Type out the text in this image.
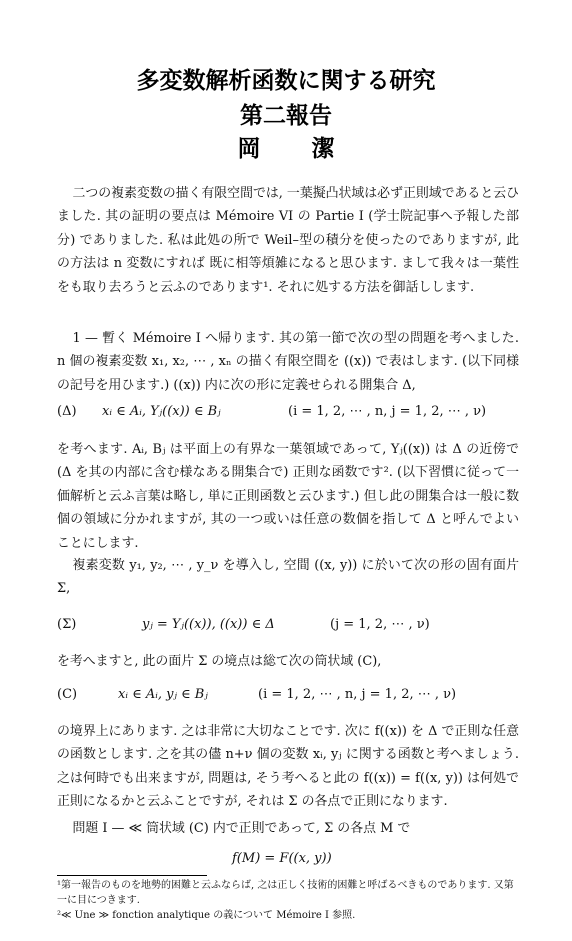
多変数解析函数に関する研究
第二報告
岡　潔
二つの複素変数の描く有限空間では, 一葉擬凸状域は必ず正則域であると云ひました. 其の証明の要点は Mémoire VI の Partie I (学士院記事へ予報した部分) でありました. 私は此処の所で Weil–型の積分を使ったのでありますが, 此の方法は n 変数にすれば 既に相等煩雑になると思ひます. まして我々は一葉性をも取り去ろうと云ふのであります¹. それに処する方法を御話しします.
1 — 暫く Mémoire I へ帰ります. 其の第一節で次の型の問題を考へました. n 個の複素変数 x₁, x₂, ⋯ , xₙ の描く有限空間を ((x)) で表はします. (以下同様の記号を用ひます.) ((x)) 内に次の形に定義せられる開集合 Δ,
(Δ) xᵢ ∈ Aᵢ, Yⱼ((x)) ∈ Bⱼ	(i = 1, 2, ⋯ , n, j = 1, 2, ⋯ , ν)
を考へます. Aᵢ, Bⱼ は平面上の有界な一葉領域であって, Yⱼ((x)) は Δ の近傍で (Δ を其の内部に含む様なある開集合で) 正則な函数です². (以下習慣に従って一価解析と云ふ言葉は略し, 単に正則函数と云ひます.) 但し此の開集合は一般に数個の領域に分かれますが, 其の一つ或いは任意の数個を指して Δ と呼んでよいことにします.
複素変数 y₁, y₂, ⋯ , y_ν を導入し, 空間 ((x, y)) に於いて次の形の固有面片 Σ,
(Σ)	yⱼ = Yⱼ((x)), ((x)) ∈ Δ	(j = 1, 2, ⋯ , ν)
を考へますと, 此の面片 Σ の境点は総て次の筒状域 (C),
(C)	xᵢ ∈ Aᵢ, yⱼ ∈ Bⱼ	(i = 1, 2, ⋯ , n, j = 1, 2, ⋯ , ν)
の境界上にあります. 之は非常に大切なことです. 次に f((x)) を Δ で正則な任意の函数とします. 之を其の儘 n+ν 個の変数 xᵢ, yⱼ に関する函数と考へましょう. 之は何時でも出来ますが, 問題は, そう考へると此の f((x)) = f((x, y)) は何処で正則になるかと云ふことですが, それは Σ の各点で正則になります.
問題 I — ≪ 筒状域 (C) 内で正則であって, Σ の各点 M で
f(M) = F((x, y))
¹第一報告のものを地勢的困難と云ふならば, 之は正しく技術的困難と呼ばるべきものであります. 又第一に目につきます.
²≪ Une ≫ fonction analytique の義について Mémoire I 参照.
